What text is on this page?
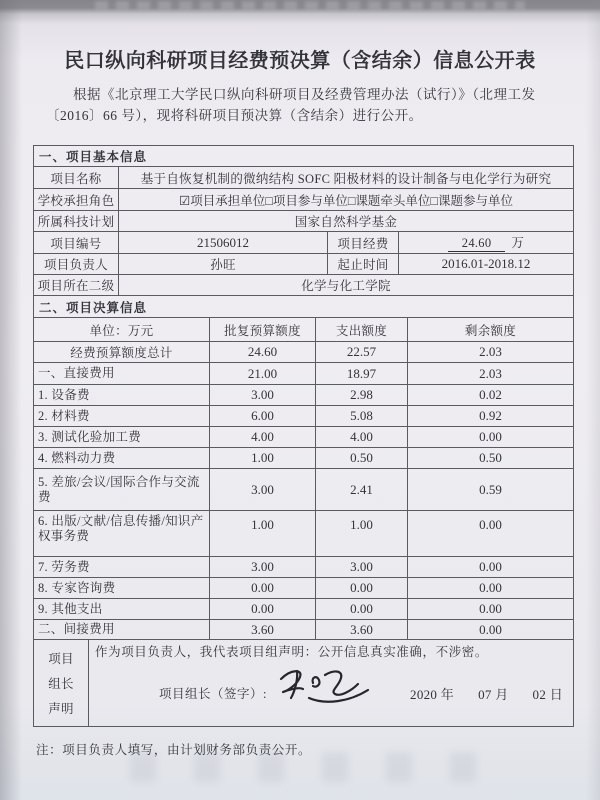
民口纵向科研项目经费预决算（含结余）信息公开表
根据《北京理工大学民口纵向科研项目及经费管理办法（试行）》（北理工发
〔2016〕66 号），现将科研项目预决算（含结余）进行公开。
一、项目基本信息			
项目名称	基于自恢复机制的微纳结构 SOFC 阳极材料的设计制备与电化学行为研究		
学校承担角色	☑项目承担单位□项目参与单位□课题牵头单位□课题参与单位		
所属科技计划	国家自然科学基金		
项目编号	21506012	项目经费	24.60 万
项目负责人	孙旺	起止时间	2016.01-2018.12
项目所在二级	化学与化工学院		
二、项目决算信息			
单位：万元	批复预算额度	支出额度	剩余额度
经费预算额度总计	24.60	22.57	2.03
一、直接费用	21.00	18.97	2.03
1. 设备费	3.00	2.98	0.02
2. 材料费	6.00	5.08	0.92
3. 测试化验加工费	4.00	4.00	0.00
4. 燃料动力费	1.00	0.50	0.50
5. 差旅/会议/国际合作与交流费	3.00	2.41	0.59
6. 出版/文献/信息传播/知识产权事务费	1.00	1.00	0.00
7. 劳务费	3.00	3.00	0.00
8. 专家咨询费	0.00	0.00	0.00
9. 其他支出	0.00	0.00	0.00
二、间接费用	3.60	3.60	0.00
项目
组长
声明

作为项目负责人，我代表项目组声明：公开信息真实准确，不涉密。
项目组长（签字）:	2020 年 07 月 02 日
注：项目负责人填写，由计划财务部负责公开。
